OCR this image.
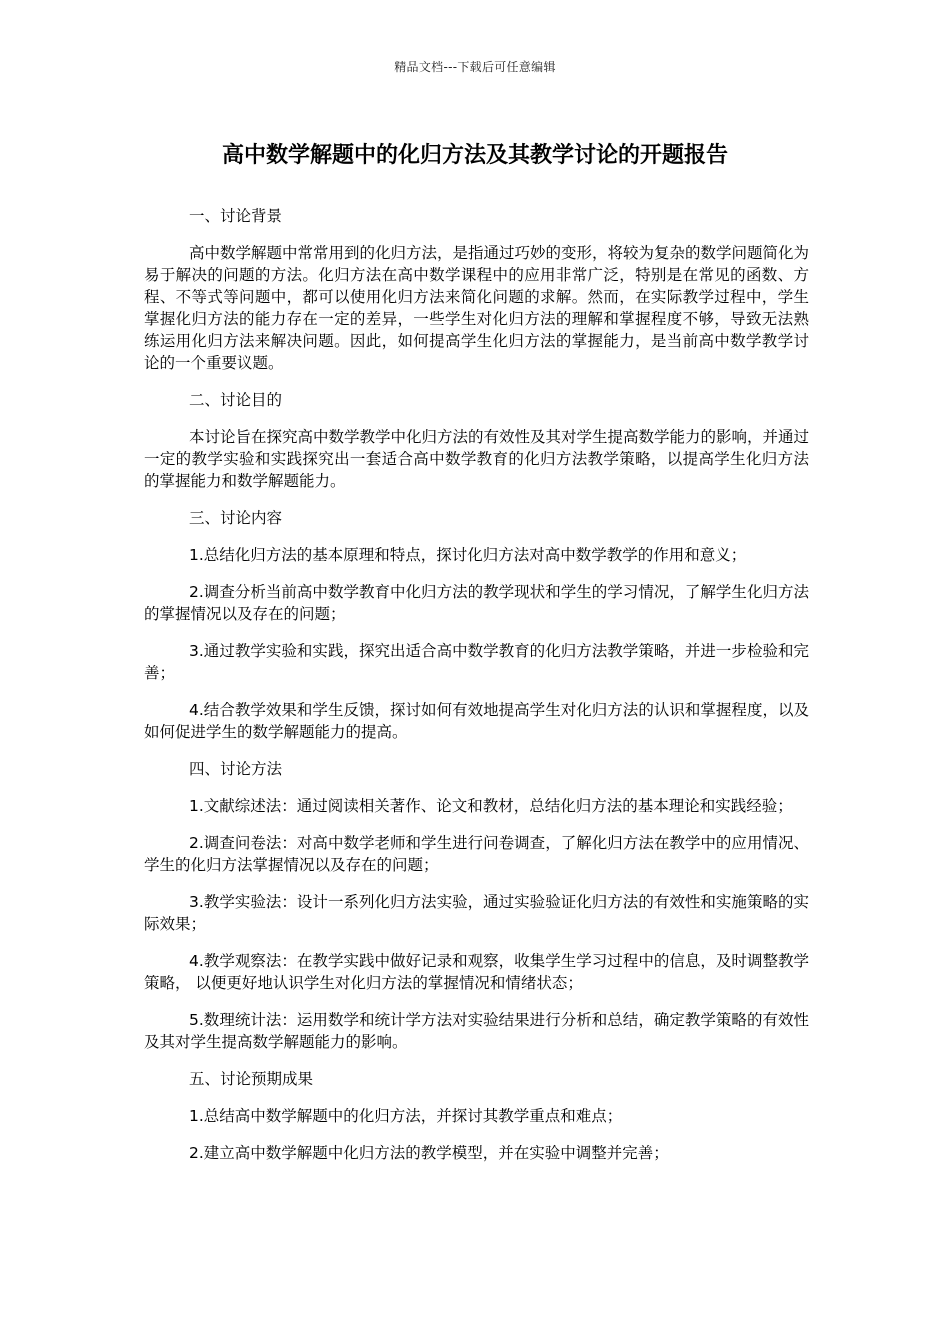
精品文档---下载后可任意编辑
高中数学解题中的化归方法及其教学讨论的开题报告
一、讨论背景
高中数学解题中常常用到的化归方法，是指通过巧妙的变形，将较为复杂的数学问题简化为易于解决的问题的方法。化归方法在高中数学课程中的应用非常广泛，特别是在常见的函数、方程、不等式等问题中，都可以使用化归方法来简化问题的求解。然而，在实际教学过程中，学生掌握化归方法的能力存在一定的差异，一些学生对化归方法的理解和掌握程度不够，导致无法熟练运用化归方法来解决问题。因此，如何提高学生化归方法的掌握能力，是当前高中数学教学讨论的一个重要议题。
二、讨论目的
本讨论旨在探究高中数学教学中化归方法的有效性及其对学生提高数学能力的影响，并通过一定的教学实验和实践探究出一套适合高中数学教育的化归方法教学策略，以提高学生化归方法的掌握能力和数学解题能力。
三、讨论内容
1.总结化归方法的基本原理和特点，探讨化归方法对高中数学教学的作用和意义；
2.调查分析当前高中数学教育中化归方法的教学现状和学生的学习情况，了解学生化归方法的掌握情况以及存在的问题；
3.通过教学实验和实践，探究出适合高中数学教育的化归方法教学策略，并进一步检验和完善；
4.结合教学效果和学生反馈，探讨如何有效地提高学生对化归方法的认识和掌握程度，以及如何促进学生的数学解题能力的提高。
四、讨论方法
1.文献综述法：通过阅读相关著作、论文和教材，总结化归方法的基本理论和实践经验；
2.调查问卷法：对高中数学老师和学生进行问卷调查，了解化归方法在教学中的应用情况、学生的化归方法掌握情况以及存在的问题；
3.教学实验法：设计一系列化归方法实验，通过实验验证化归方法的有效性和实施策略的实际效果；
4.教学观察法：在教学实践中做好记录和观察，收集学生学习过程中的信息，及时调整教学策略， 以便更好地认识学生对化归方法的掌握情况和情绪状态；
5.数理统计法：运用数学和统计学方法对实验结果进行分析和总结，确定教学策略的有效性及其对学生提高数学解题能力的影响。
五、讨论预期成果
1.总结高中数学解题中的化归方法，并探讨其教学重点和难点；
2.建立高中数学解题中化归方法的教学模型，并在实验中调整并完善；
